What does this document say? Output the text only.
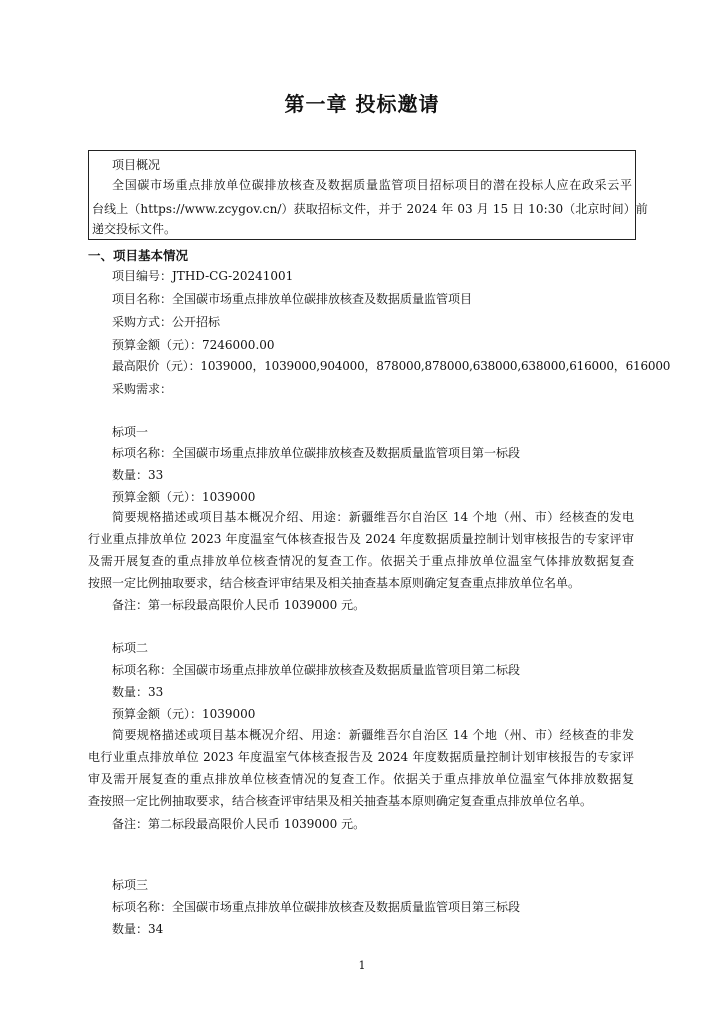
第一章 投标邀请
项目概况
全国碳市场重点排放单位碳排放核查及数据质量监管项目招标项目的潜在投标人应在政采云平
台线上（https://www.zcygov.cn/）获取招标文件，并于 2024 年 03 月 15 日 10:30（北京时间）前
递交投标文件。
一、项目基本情况
项目编号：JTHD-CG-20241001
项目名称：全国碳市场重点排放单位碳排放核查及数据质量监管项目
采购方式：公开招标
预算金额（元）：7246000.00
最高限价（元）：1039000，1039000,904000，878000,878000,638000,638000,616000，616000
采购需求：
标项一
标项名称：全国碳市场重点排放单位碳排放核查及数据质量监管项目第一标段
数量：33
预算金额（元）：1039000
简要规格描述或项目基本概况介绍、用途：新疆维吾尔自治区 14 个地（州、市）经核查的发电
行业重点排放单位 2023 年度温室气体核查报告及 2024 年度数据质量控制计划审核报告的专家评审
及需开展复查的重点排放单位核查情况的复查工作。依据关于重点排放单位温室气体排放数据复查
按照一定比例抽取要求，结合核查评审结果及相关抽查基本原则确定复查重点排放单位名单。
备注：第一标段最高限价人民币 1039000 元。
标项二
标项名称：全国碳市场重点排放单位碳排放核查及数据质量监管项目第二标段
数量：33
预算金额（元）：1039000
简要规格描述或项目基本概况介绍、用途：新疆维吾尔自治区 14 个地（州、市）经核查的非发
电行业重点排放单位 2023 年度温室气体核查报告及 2024 年度数据质量控制计划审核报告的专家评
审及需开展复查的重点排放单位核查情况的复查工作。依据关于重点排放单位温室气体排放数据复
查按照一定比例抽取要求，结合核查评审结果及相关抽查基本原则确定复查重点排放单位名单。
备注：第二标段最高限价人民币 1039000 元。
标项三
标项名称：全国碳市场重点排放单位碳排放核查及数据质量监管项目第三标段
数量：34
1
